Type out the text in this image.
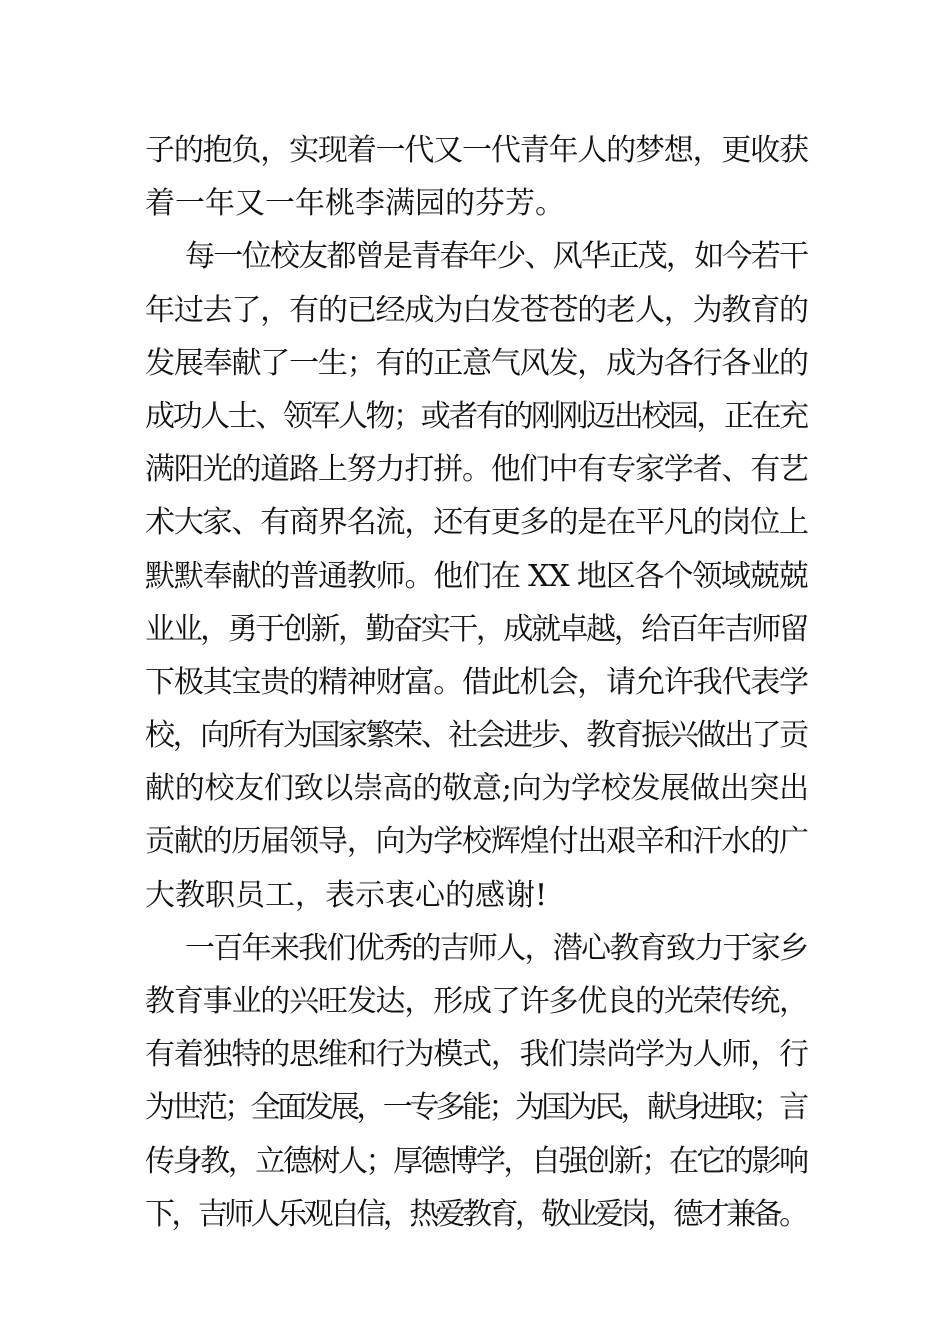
子的抱负，实现着一代又一代青年人的梦想，更收获
着一年又一年桃李满园的芬芳。
每一位校友都曾是青春年少、风华正茂，如今若干
年过去了，有的已经成为白发苍苍的老人，为教育的
发展奉献了一生；有的正意气风发，成为各行各业的
成功人士、领军人物；或者有的刚刚迈出校园，正在充
满阳光的道路上努力打拼。他们中有专家学者、有艺
术大家、有商界名流，还有更多的是在平凡的岗位上
默默奉献的普通教师。他们在 XX 地区各个领域兢兢
业业，勇于创新，勤奋实干，成就卓越，给百年吉师留
下极其宝贵的精神财富。借此机会，请允许我代表学
校，向所有为国家繁荣、社会进步、教育振兴做出了贡
献的校友们致以崇高的敬意;向为学校发展做出突出
贡献的历届领导，向为学校辉煌付出艰辛和汗水的广
大教职员工，表示衷心的感谢!
一百年来我们优秀的吉师人，潜心教育致力于家乡
教育事业的兴旺发达，形成了许多优良的光荣传统，
有着独特的思维和行为模式，我们崇尚学为人师，行
为世范；全面发展，一专多能；为国为民，献身进取；言
传身教，立德树人；厚德博学，自强创新；在它的影响
下，吉师人乐观自信，热爱教育，敬业爱岗，德才兼备。
